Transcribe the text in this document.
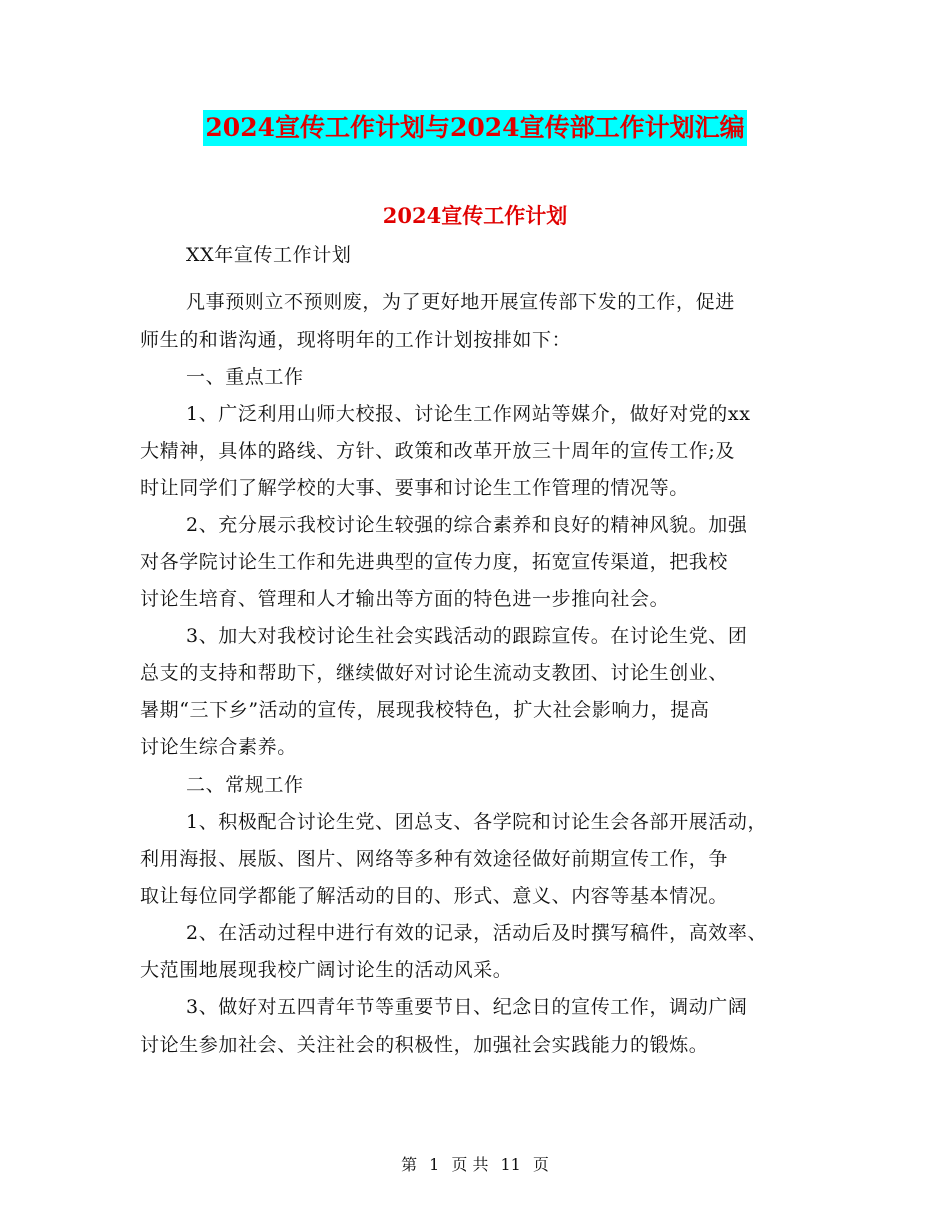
2024宣传工作计划与2024宣传部工作计划汇编
2024宣传工作计划
XX年宣传工作计划
凡事预则立不预则废，为了更好地开展宣传部下发的工作，促进
师生的和谐沟通，现将明年的工作计划按排如下：
一、重点工作
1、广泛利用山师大校报、讨论生工作网站等媒介，做好对党的xx
大精神，具体的路线、方针、政策和改革开放三十周年的宣传工作;及
时让同学们了解学校的大事、要事和讨论生工作管理的情况等。
2、充分展示我校讨论生较强的综合素养和良好的精神风貌。加强
对各学院讨论生工作和先进典型的宣传力度，拓宽宣传渠道，把我校
讨论生培育、管理和人才输出等方面的特色进一步推向社会。
3、加大对我校讨论生社会实践活动的跟踪宣传。在讨论生党、团
总支的支持和帮助下，继续做好对讨论生流动支教团、讨论生创业、
暑期“三下乡”活动的宣传，展现我校特色，扩大社会影响力，提高
讨论生综合素养。
二、常规工作
1、积极配合讨论生党、团总支、各学院和讨论生会各部开展活动，
利用海报、展版、图片、网络等多种有效途径做好前期宣传工作，争
取让每位同学都能了解活动的目的、形式、意义、内容等基本情况。
2、在活动过程中进行有效的记录，活动后及时撰写稿件，高效率、
大范围地展现我校广阔讨论生的活动风采。
3、做好对五四青年节等重要节日、纪念日的宣传工作，调动广阔
讨论生参加社会、关注社会的积极性，加强社会实践能力的锻炼。
第 1 页 共 11 页
